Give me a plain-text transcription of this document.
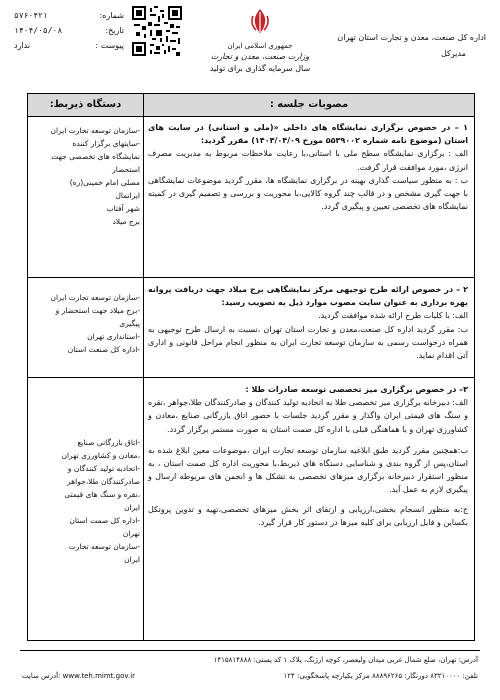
اداره کل صنعت، معدن و تجارت استان تهران
مدیرکل
جمهوری اسلامی ایران
وزارت صنعت، معدن و تجارت
سال سرمایه گذاری برای تولید
شماره:
۵۷۶۰۴۲۱
تاریخ:
۱۴۰۴/۰۵/۰۸
پیوست :
ندارد
مصوبات جلسه :
دستگاه ذیربط:

۱ – در خصوص برگزاری نمایشگاه های داخلی «(ملی و استانی) در سایت های استان (موضوع نامه شماره ۵۵۳۹۰۰۲ مورخ ۱۴۰۴/۰۴/۰۹) مقرر گردید:

الف : برگزاری نمایشگاه سطح ملی با استانی،با رعایت ملاحظات مربوط به مدیریت مصرف انرژی ،مورد موافقت قرار گرفت.

ب : به منظور سیاست گذاری بهینه در برگزاری نمایشگاه ها، مقرر گردید موضوعات نمایشگاهی با جهت گیری مشخص و در قالب چند گروه کالایی،با محوریت و بررسی و تصمیم گیری در کمیته نمایشگاه های تخصصی تعیین و پیگیری گردد.

-سازمان توسعه تجارت ایران

-سایتهای برگزار کننده

نمایشگاه های تخصصی جهت

استحضار

مصلی امام خمینی(ره)

ایرانمال

شهر آفتاب

برج میلاد

۲ – در خصوص ارائه طرح توجیهی مرکز نمایشگاهی برج میلاد جهت دریافت پروانه بهره برداری به عنوان سایت مصوب موارد ذیل به تصویب رسید:

الف: با کلیات طرح ارائه شده موافقت گردید.

ب: مقرر گردید اداره کل صنعت،معدن و تجارت استان تهران ،نسبت به ارسال طرح توجیهی به همراه درخواست رسمی به سازمان توسعه تجارت ایران به منظور انجام مراحل قانونی و اداری آتی اقدام نماید.

-سازمان توسعه تجارت ایران

-برج میلاد جهت استحضار و

پیگیری

-استانداری تهران

-اداره کل صنعت استان

۳– در خصوص برگزاری میز تخصصی توسعه صادرات طلا :

الف: دبیرخانه برگزاری میز تخصصی طلا به اتحادیه تولید کنندگان و صادرکنندگان طلا،جواهر ،نقره و سنگ های قیمتی ایران واگذار و مقرر گردید جلسات با حضور اتاق بازرگانی صنایع ،معادن و کشاورزی تهران و با هماهنگی قبلی با اداره کل صمت استان به صورت مستمر برگزار گردد.

ب:همچنین مقرر گردید طبق ابلاغیه سازمان توسعه تجارت ایران ،موضوعات معین ابلاغ شده به استان،پس از گروه بندی و شناسایی دستگاه های ذیربط،با محوریت اداره کل صمت استان ، به منظور استقرار دبیرخانه برگزاری میزهای تخصصی به تشکل ها و انجمن های مربوطه ارسال و پیگیری لازم به عمل آید.

ج:به منظور انسجام بخشی،ارزیابی و ارتقای اثر بخش میزهای تخصصی،تهیه و تدوین پروتکل بکساین و فایل ارزیابی برای کلیه میزها در دستور کار قرار گیرد.

-اتاق بازرگانی صنایع

،معادن و کشاورزی تهران

-اتحادیه تولید کنندگان و

صادرکنندگان طلا،جواهر

،نقره و سنگ های قیمتی

ایران

-اداره کل صمت استان

تهران

-سازمان توسعه تجارت

ایران

آدرس: تهران، ضلع شمال غربی میدان ولیعصر، کوچه ارژنگ، پلاک ۱ کد پستی: ۱۴۱۵۸۱۴۸۸۸
تلفن: ۸۳۲۱۰۰۰۰ دورنگار: ۸۸۸۹۶۲۶۵ مرکز یکپارچه پاسخگویی: ۱۲۴
www.teh.mimt.gov.ir :آدرس سایت
